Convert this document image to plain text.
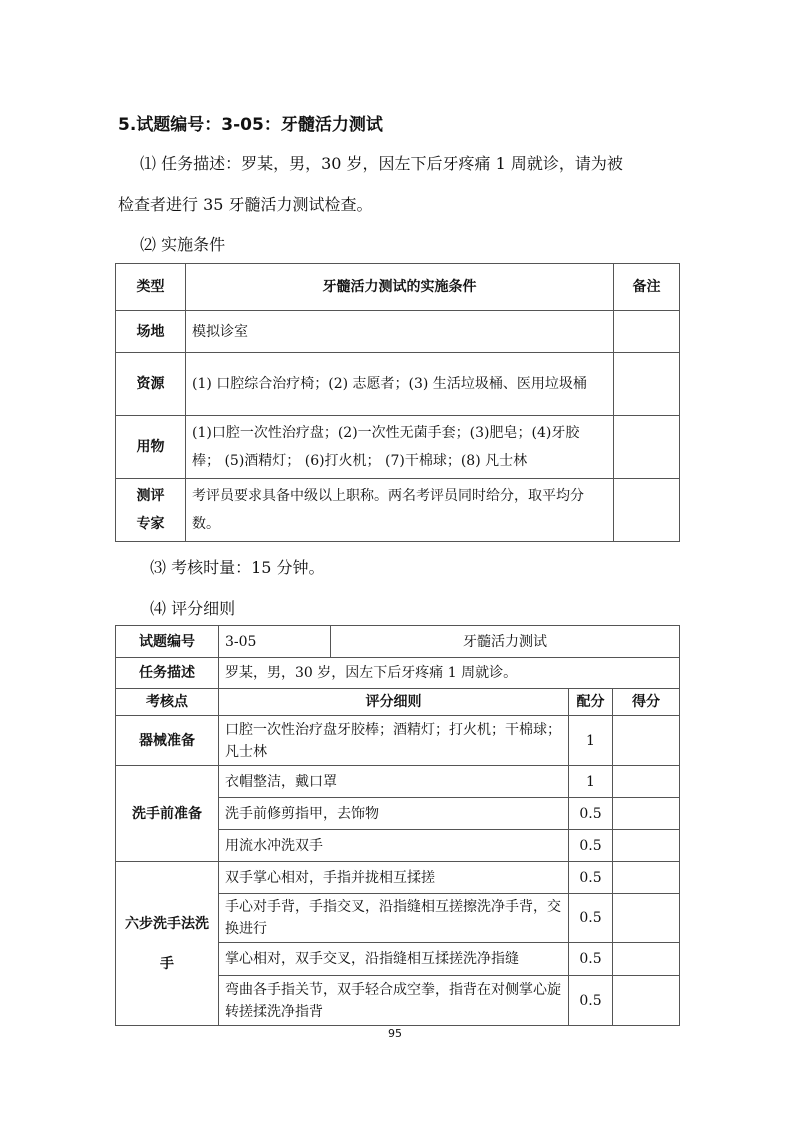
5.试题编号：3-05：牙髓活力测试
⑴ 任务描述：罗某，男，30 岁，因左下后牙疼痛 1 周就诊，请为被
检查者进行 35 牙髓活力测试检查。
⑵ 实施条件
类型	牙髓活力测试的实施条件	备注
场地	模拟诊室	
资源	(1) 口腔综合治疗椅；(2) 志愿者；(3) 生活垃圾桶、医用垃圾桶	
用物	(1)口腔一次性治疗盘；(2)一次性无菌手套；(3)肥皂；(4)牙胶棒； (5)酒精灯； (6)打火机； (7)干棉球；(8) 凡士林	
测评专家	考评员要求具备中级以上职称。两名考评员同时给分，取平均分数。	
⑶ 考核时量：15 分钟。
⑷ 评分细则
试题编号	3-05	牙髓活力测试		
任务描述	罗某，男，30 岁，因左下后牙疼痛 1 周就诊。			
考核点	评分细则		配分	得分
器械准备	口腔一次性治疗盘牙胶棒；酒精灯；打火机；干棉球；凡士林		1	
洗手前准备	衣帽整洁，戴口罩		1	
	洗手前修剪指甲，去饰物		0.5	
	用流水冲洗双手		0.5	
六步洗手法洗手	双手掌心相对，手指并拢相互揉搓		0.5	
	手心对手背，手指交叉，沿指缝相互搓擦洗净手背，交换进行		0.5	
	掌心相对，双手交叉，沿指缝相互揉搓洗净指缝		0.5	
	弯曲各手指关节，双手轻合成空拳，指背在对侧掌心旋转搓揉洗净指背		0.5	
95
